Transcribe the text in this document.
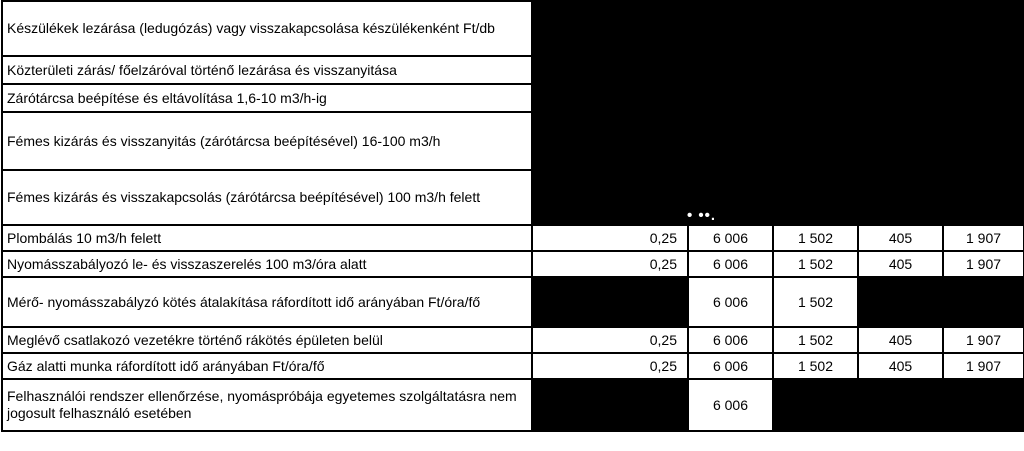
Készülékek lezárása (ledugózás) vagy visszakapcsolása készülékenként Ft/db	• ••.				

Közterületi zárás/ főelzáróval történő lezárása és visszanyitása					
Zárótárcsa beépítése és eltávolítása 1,6-10 m3/h-ig					
Fémes kizárás és visszanyitás (zárótárcsa beépítésével) 16-100 m3/h					
Fémes kizárás és visszakapcsolás (zárótárcsa beépítésével) 100 m3/h felett					
Plombálás 10 m3/h felett	0,25	6 006	1 502	405	1 907
Nyomásszabályozó le- és visszaszerelés 100 m3/óra alatt	0,25	6 006	1 502	405	1 907
Mérő- nyomásszabályzó kötés átalakítása ráfordított idő arányában Ft/óra/fő		6 006	1 502		
Meglévő csatlakozó vezetékre történő rákötés épületen belül	0,25	6 006	1 502	405	1 907
Gáz alatti munka ráfordított idő arányában Ft/óra/fő	0,25	6 006	1 502	405	1 907
Felhasználói rendszer ellenőrzése, nyomáspróbája egyetemes szolgáltatásra nem jogosult felhasználó esetében		6 006			
